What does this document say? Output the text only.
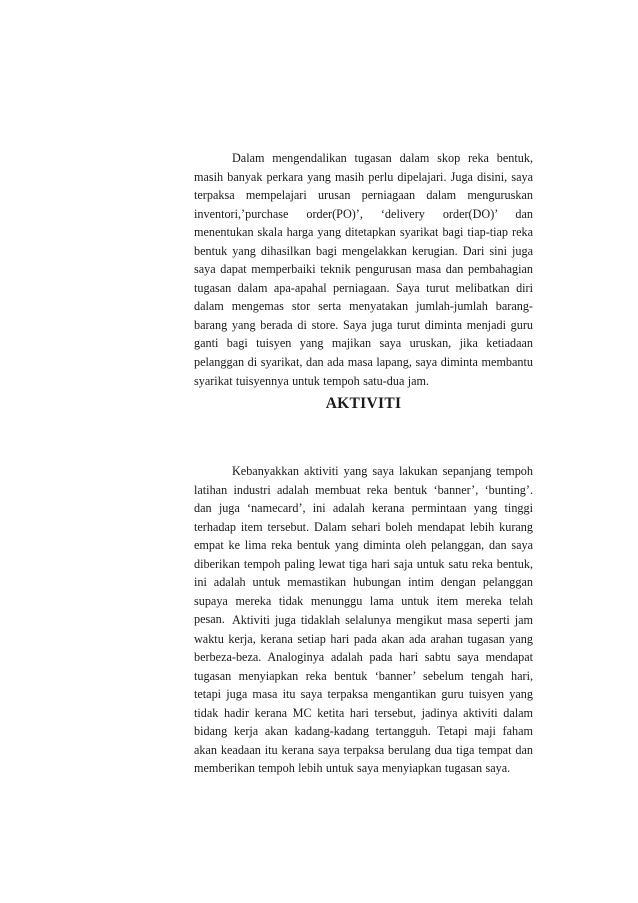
Dalam mengendalikan tugasan dalam skop reka bentuk, masih banyak perkara yang masih perlu dipelajari. Juga disini, saya terpaksa mempelajari urusan perniagaan dalam menguruskan inventori,’purchase order(PO)’, ‘delivery order(DO)’ dan menentukan skala harga yang ditetapkan syarikat bagi tiap-tiap reka bentuk yang dihasilkan bagi mengelakkan kerugian. Dari sini juga saya dapat memperbaiki teknik pengurusan masa dan pembahagian tugasan dalam apa-apahal perniagaan. Saya turut melibatkan diri dalam mengemas stor serta menyatakan jumlah-jumlah barang-barang yang berada di store. Saya juga turut diminta menjadi guru ganti bagi tuisyen yang majikan saya uruskan, jika ketiadaan pelanggan di syarikat, dan ada masa lapang, saya diminta membantu syarikat tuisyennya untuk tempoh satu-dua jam.

AKTIVITI

Kebanyakkan aktiviti yang saya lakukan sepanjang tempoh latihan industri adalah membuat reka bentuk ‘banner’, ‘bunting’. dan juga ‘namecard’, ini adalah kerana permintaan yang tinggi terhadap item tersebut. Dalam sehari boleh mendapat lebih kurang empat ke lima reka bentuk yang diminta oleh pelanggan, dan saya diberikan tempoh paling lewat tiga hari saja untuk satu reka bentuk, ini adalah untuk memastikan hubungan intim dengan pelanggan supaya mereka tidak menunggu lama untuk item mereka telah pesan. Aktiviti juga tidaklah selalunya mengikut masa seperti jam waktu kerja, kerana setiap hari pada akan ada arahan tugasan yang berbeza-beza. Analoginya adalah pada hari sabtu saya mendapat tugasan menyiapkan reka bentuk ‘banner’ sebelum tengah hari, tetapi juga masa itu saya terpaksa mengantikan guru tuisyen yang tidak hadir kerana MC ketita hari tersebut, jadinya aktiviti dalam bidang kerja akan kadang-kadang tertangguh. Tetapi maji faham akan keadaan itu kerana saya terpaksa berulang dua tiga tempat dan memberikan tempoh lebih untuk saya menyiapkan tugasan saya.
